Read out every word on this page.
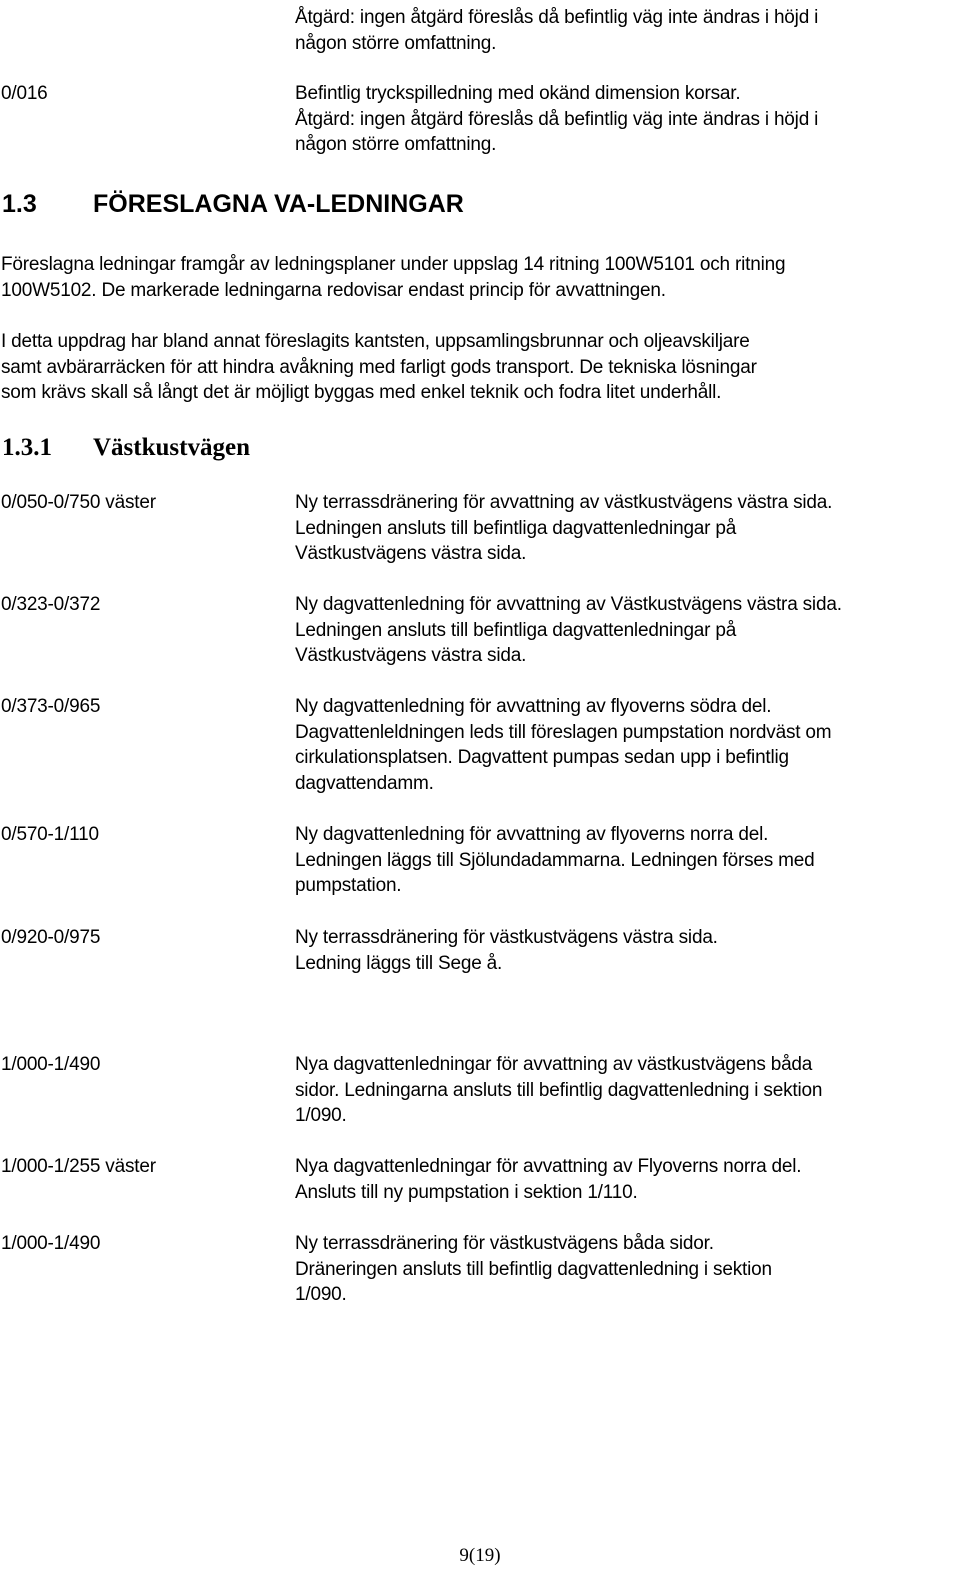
Åtgärd: ingen åtgärd föreslås då befintlig väg inte ändras i höjd i
någon större omfattning.
0/016	Befintlig tryckspilledning med okänd dimension korsar.
Åtgärd: ingen åtgärd föreslås då befintlig väg inte ändras i höjd i
någon större omfattning.
1.3 FÖRESLAGNA VA-LEDNINGAR
Föreslagna ledningar framgår av ledningsplaner under uppslag 14 ritning 100W5101 och ritning
100W5102. De markerade ledningarna redovisar endast princip för avvattningen.
I detta uppdrag har bland annat föreslagits kantsten, uppsamlingsbrunnar och oljeavskiljare
samt avbärarräcken för att hindra avåkning med farligt gods transport. De tekniska lösningar
som krävs skall så långt det är möjligt byggas med enkel teknik och fodra litet underhåll.
1.3.1 Västkustvägen
0/050-0/750 väster	Ny terrassdränering för avvattning av västkustvägens västra sida.
Ledningen ansluts till befintliga dagvattenledningar på
Västkustvägens västra sida.
0/323-0/372	Ny dagvattenledning för avvattning av Västkustvägens västra sida.
Ledningen ansluts till befintliga dagvattenledningar på
Västkustvägens västra sida.
0/373-0/965	Ny dagvattenledning för avvattning av flyoverns södra del.
Dagvattenleldningen leds till föreslagen pumpstation nordväst om
cirkulationsplatsen. Dagvattent pumpas sedan upp i befintlig
dagvattendamm.
0/570-1/110	Ny dagvattenledning för avvattning av flyoverns norra del.
Ledningen läggs till Sjölundadammarna. Ledningen förses med
pumpstation.
0/920-0/975	Ny terrassdränering för västkustvägens västra sida.
Ledning läggs till Sege å.
1/000-1/490	Nya dagvattenledningar för avvattning av västkustvägens båda
sidor. Ledningarna ansluts till befintlig dagvattenledning i sektion
1/090.
1/000-1/255 väster	Nya dagvattenledningar för avvattning av Flyoverns norra del.
Ansluts till ny pumpstation i sektion 1/110.
1/000-1/490	Ny terrassdränering för västkustvägens båda sidor.
Dräneringen ansluts till befintlig dagvattenledning i sektion
1/090.
9(19)
